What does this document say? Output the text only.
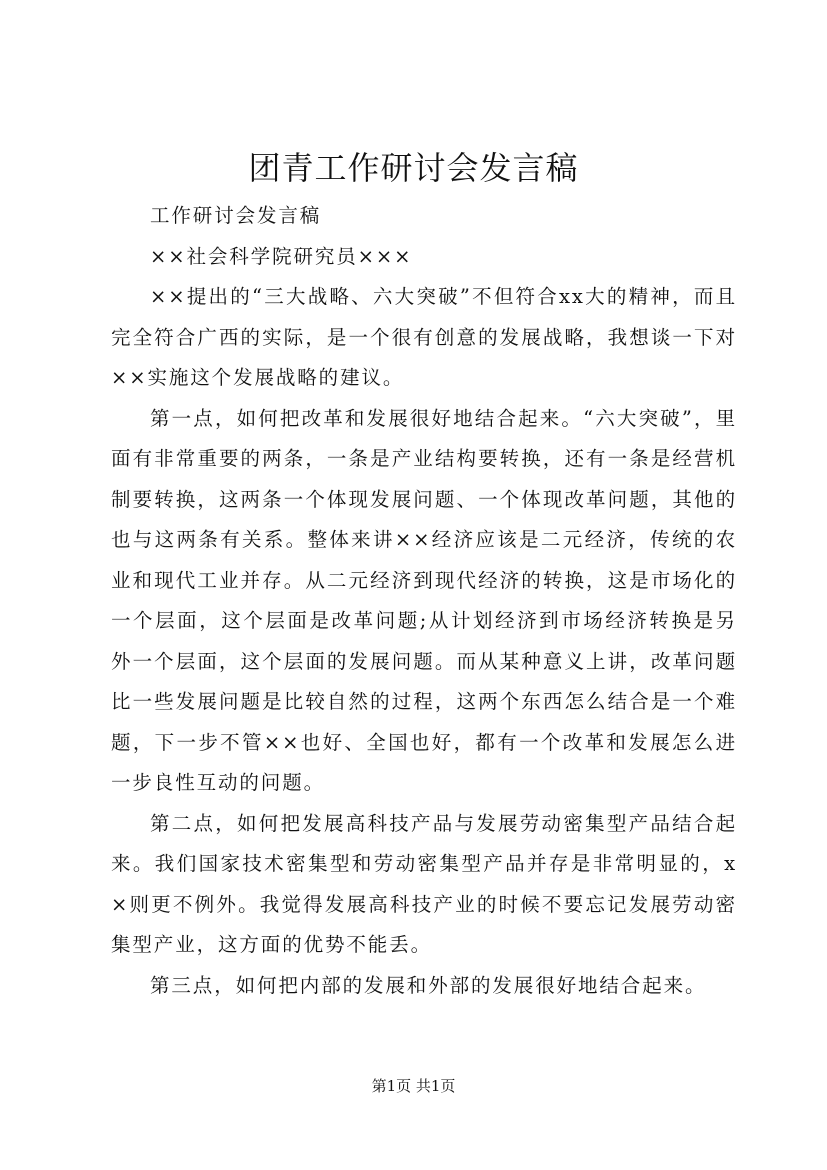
团青工作研讨会发言稿

工作研讨会发言稿

××社会科学院研究员×××

××提出的“三大战略、六大突破”不但符合xx大的精神，而且完全符合广西的实际，是一个很有创意的发展战略，我想谈一下对××实施这个发展战略的建议。

第一点，如何把改革和发展很好地结合起来。“六大突破”，里面有非常重要的两条，一条是产业结构要转换，还有一条是经营机制要转换，这两条一个体现发展问题、一个体现改革问题，其他的也与这两条有关系。整体来讲××经济应该是二元经济，传统的农业和现代工业并存。从二元经济到现代经济的转换，这是市场化的一个层面，这个层面是改革问题;从计划经济到市场经济转换是另外一个层面，这个层面的发展问题。而从某种意义上讲，改革问题比一些发展问题是比较自然的过程，这两个东西怎么结合是一个难题，下一步不管××也好、全国也好，都有一个改革和发展怎么进一步良性互动的问题。

第二点，如何把发展高科技产品与发展劳动密集型产品结合起来。我们国家技术密集型和劳动密集型产品并存是非常明显的，x×则更不例外。我觉得发展高科技产业的时候不要忘记发展劳动密集型产业，这方面的优势不能丢。

第三点，如何把内部的发展和外部的发展很好地结合起来。

第1页 共1页
